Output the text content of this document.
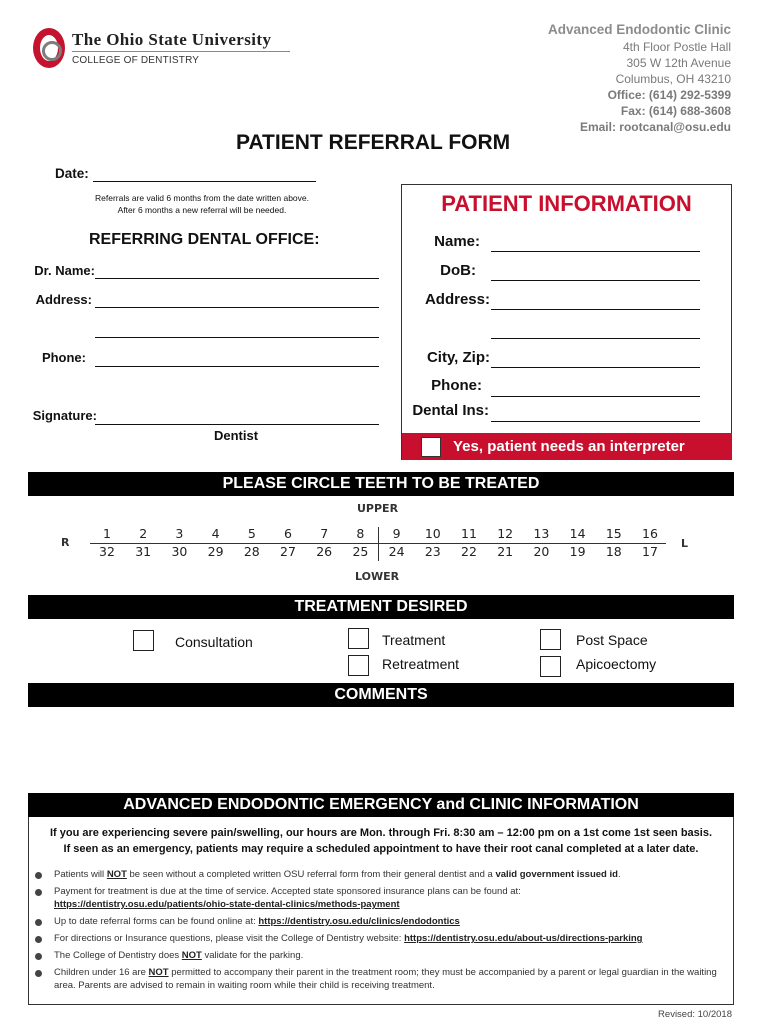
The Ohio State University
COLLEGE OF DENTISTRY
Advanced Endodontic Clinic
4th Floor Postle Hall
305 W 12th Avenue
Columbus, OH 43210
Office: (614) 292-5399
Fax: (614) 688-3608
Email: rootcanal@osu.edu
PATIENT REFERRAL FORM
Date:
Referrals are valid 6 months from the date written above.
After 6 months a new referral will be needed.
REFERRING DENTAL OFFICE:
Dr. Name:
Address:
Phone:
Signature:
Dentist
PATIENT INFORMATION
Name:
DoB:
Address:
City, Zip:
Phone:
Dental Ins:
Yes, patient needs an interpreter
PLEASE CIRCLE TEETH TO BE TREATED
UPPER
LOWER
R	L
1	2	3	4	5	6	7	8	9	10	11	12	13	14	15	16
32	31	30	29	28	27	26	25	24	23	22	21	20	19	18	17
TREATMENT DESIRED
Consultation	Treatment
Retreatment
Post Space
Apicoectomy
COMMENTS
ADVANCED ENDODONTIC EMERGENCY and CLINIC INFORMATION
If you are experiencing severe pain/swelling, our hours are Mon. through Fri. 8:30 am – 12:00 pm on a 1st come 1st seen basis.
If seen as an emergency, patients may require a scheduled appointment to have their root canal completed at a later date.
Patients will NOT be seen without a completed written OSU referral form from their general dentist and a valid government issued id.
Payment for treatment is due at the time of service. Accepted state sponsored insurance plans can be found at:
https://dentistry.osu.edu/patients/ohio-state-dental-clinics/methods-payment
Up to date referral forms can be found online at: https://dentistry.osu.edu/clinics/endodontics
For directions or Insurance questions, please visit the College of Dentistry website: https://dentistry.osu.edu/about-us/directions-parking
The College of Dentistry does NOT validate for the parking.
Children under 16 are NOT permitted to accompany their parent in the treatment room; they must be accompanied by a parent or legal guardian in the waiting area. Parents are advised to remain in waiting room while their child is receiving treatment.
Revised: 10/2018
